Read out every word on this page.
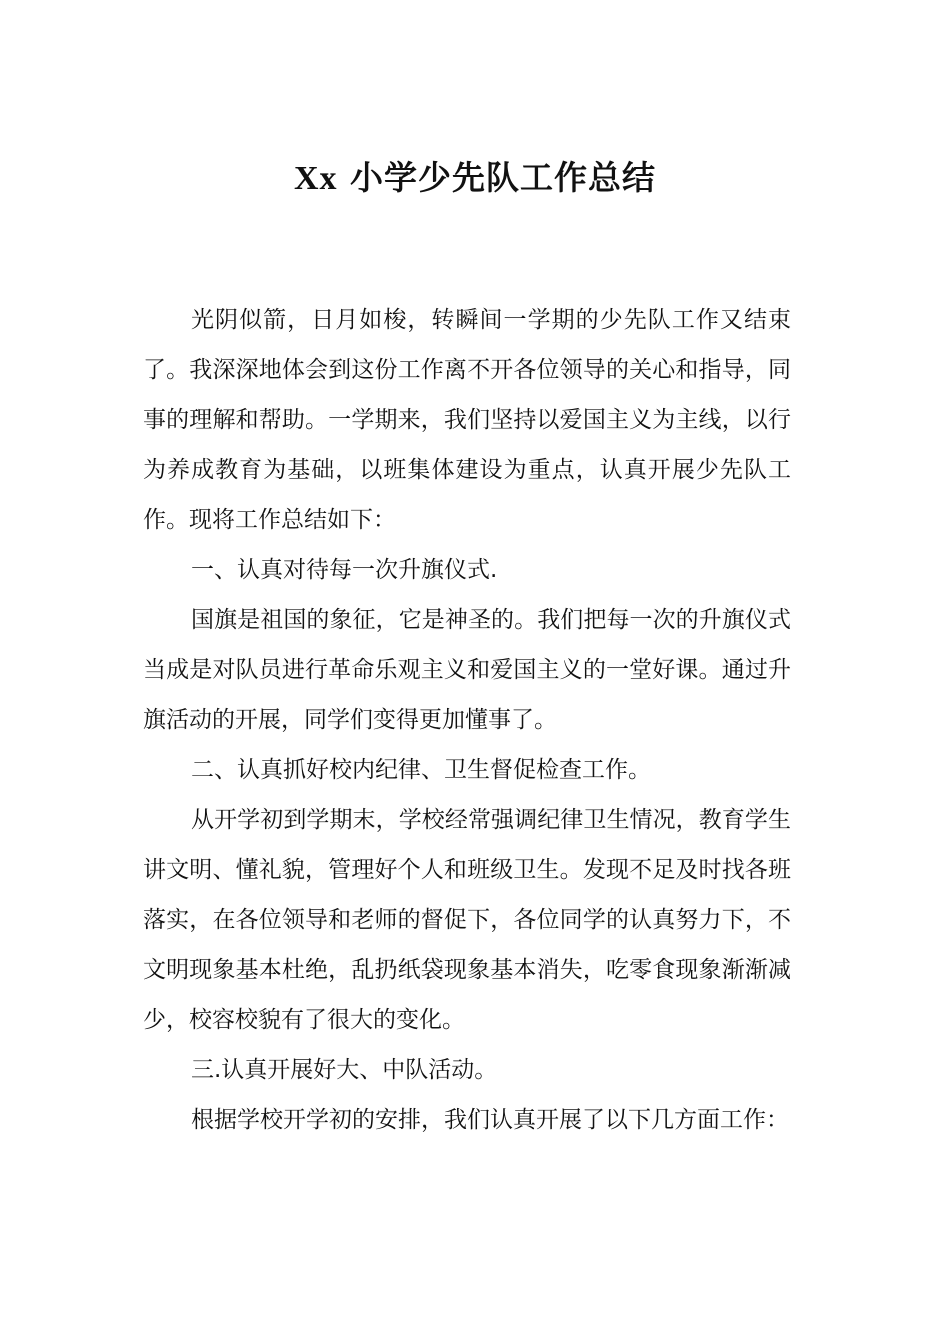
Xx 小学少先队工作总结

光阴似箭，日月如梭，转瞬间一学期的少先队工作又结束了。我深深地体会到这份工作离不开各位领导的关心和指导，同事的理解和帮助。一学期来，我们坚持以爱国主义为主线，以行为养成教育为基础，以班集体建设为重点，认真开展少先队工作。现将工作总结如下：

一、认真对待每一次升旗仪式.

国旗是祖国的象征，它是神圣的。我们把每一次的升旗仪式当成是对队员进行革命乐观主义和爱国主义的一堂好课。通过升旗活动的开展，同学们变得更加懂事了。

二、认真抓好校内纪律、卫生督促检查工作。

从开学初到学期末，学校经常强调纪律卫生情况，教育学生讲文明、懂礼貌，管理好个人和班级卫生。发现不足及时找各班落实，在各位领导和老师的督促下，各位同学的认真努力下，不文明现象基本杜绝，乱扔纸袋现象基本消失，吃零食现象渐渐减少，校容校貌有了很大的变化。

三.认真开展好大、中队活动。

根据学校开学初的安排，我们认真开展了以下几方面工作：
